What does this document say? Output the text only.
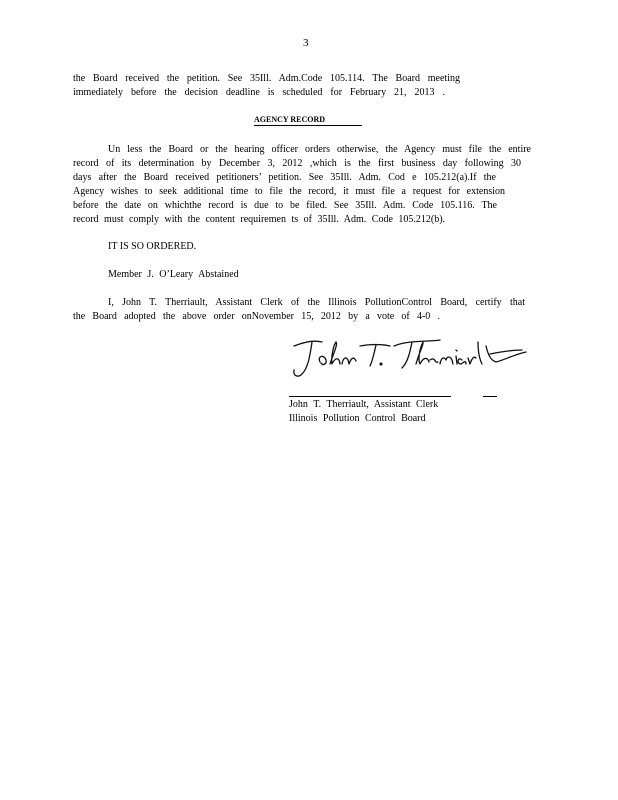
3

the Board received the petition. See 35Ill. Adm.Code 105.114. The Board meeting

immediately before the decision deadline is scheduled for February 21, 2013 .

AGENCY RECORD

Un less the Board or the hearing officer orders otherwise, the Agency must file the entire

record of its determination by December 3, 2012 ,which is the first business day following 30

days after the Board received petitioners’ petition. See 35Ill. Adm. Cod e 105.212(a).If the

Agency wishes to seek additional time to file the record, it must file a request for extension

before the date on whichthe record is due to be filed. See 35Ill. Adm. Code 105.116. The

record must comply with the content requiremen ts of 35Ill. Adm. Code 105.212(b).

IT IS SO ORDERED.
Member J. O’Leary Abstained

I, John T. Therriault, Assistant Clerk of the Illinois PollutionControl Board, certify that

the Board adopted the above order onNovember 15, 2012 by a vote of 4-0 .

John T. Therriault, Assistant Clerk
Illinois Pollution Control Board
